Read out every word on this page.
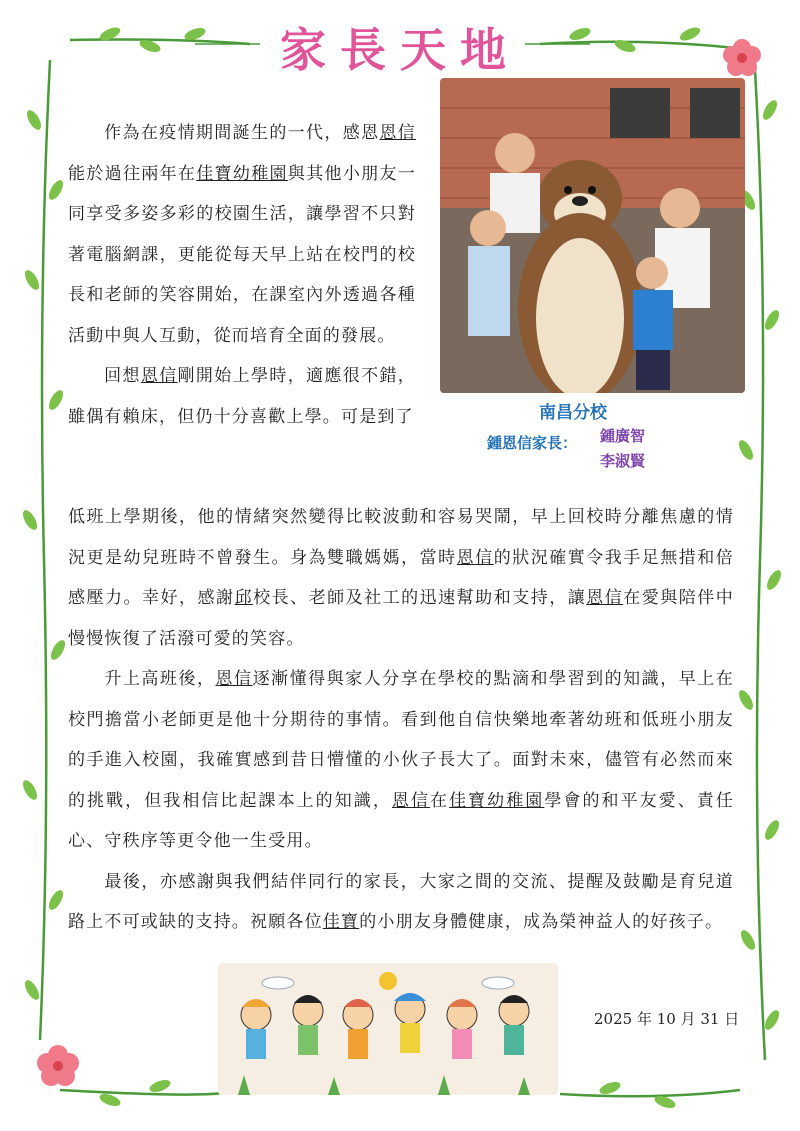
家長天地
南昌分校
鍾恩信家長： 鍾廣智
李淑賢

作為在疫情期間誕生的一代，感恩恩信能於過往兩年在佳寶幼稚園與其他小朋友一同享受多姿多彩的校園生活，讓學習不只對著電腦網課，更能從每天早上站在校門的校長和老師的笑容開始，在課室內外透過各種活動中與人互動，從而培育全面的發展。

回想恩信剛開始上學時，適應很不錯，雖偶有賴床，但仍十分喜歡上學。可是到了

低班上學期後，他的情緒突然變得比較波動和容易哭鬧，早上回校時分離焦慮的情況更是幼兒班時不曾發生。身為雙職媽媽，當時恩信的狀況確實令我手足無措和倍感壓力。幸好，感謝邱校長、老師及社工的迅速幫助和支持，讓恩信在愛與陪伴中慢慢恢復了活潑可愛的笑容。

升上高班後，恩信逐漸懂得與家人分享在學校的點滴和學習到的知識，早上在校門擔當小老師更是他十分期待的事情。看到他自信快樂地牽著幼班和低班小朋友的手進入校園，我確實感到昔日懵懂的小伙子長大了。面對未來，儘管有必然而來的挑戰，但我相信比起課本上的知識，恩信在佳寶幼稚園學會的和平友愛、責任心、守秩序等更令他一生受用。

最後，亦感謝與我們結伴同行的家長，大家之間的交流、提醒及鼓勵是育兒道路上不可或缺的支持。祝願各位佳寶的小朋友身體健康，成為榮神益人的好孩子。

2025 年 10 月 31 日
